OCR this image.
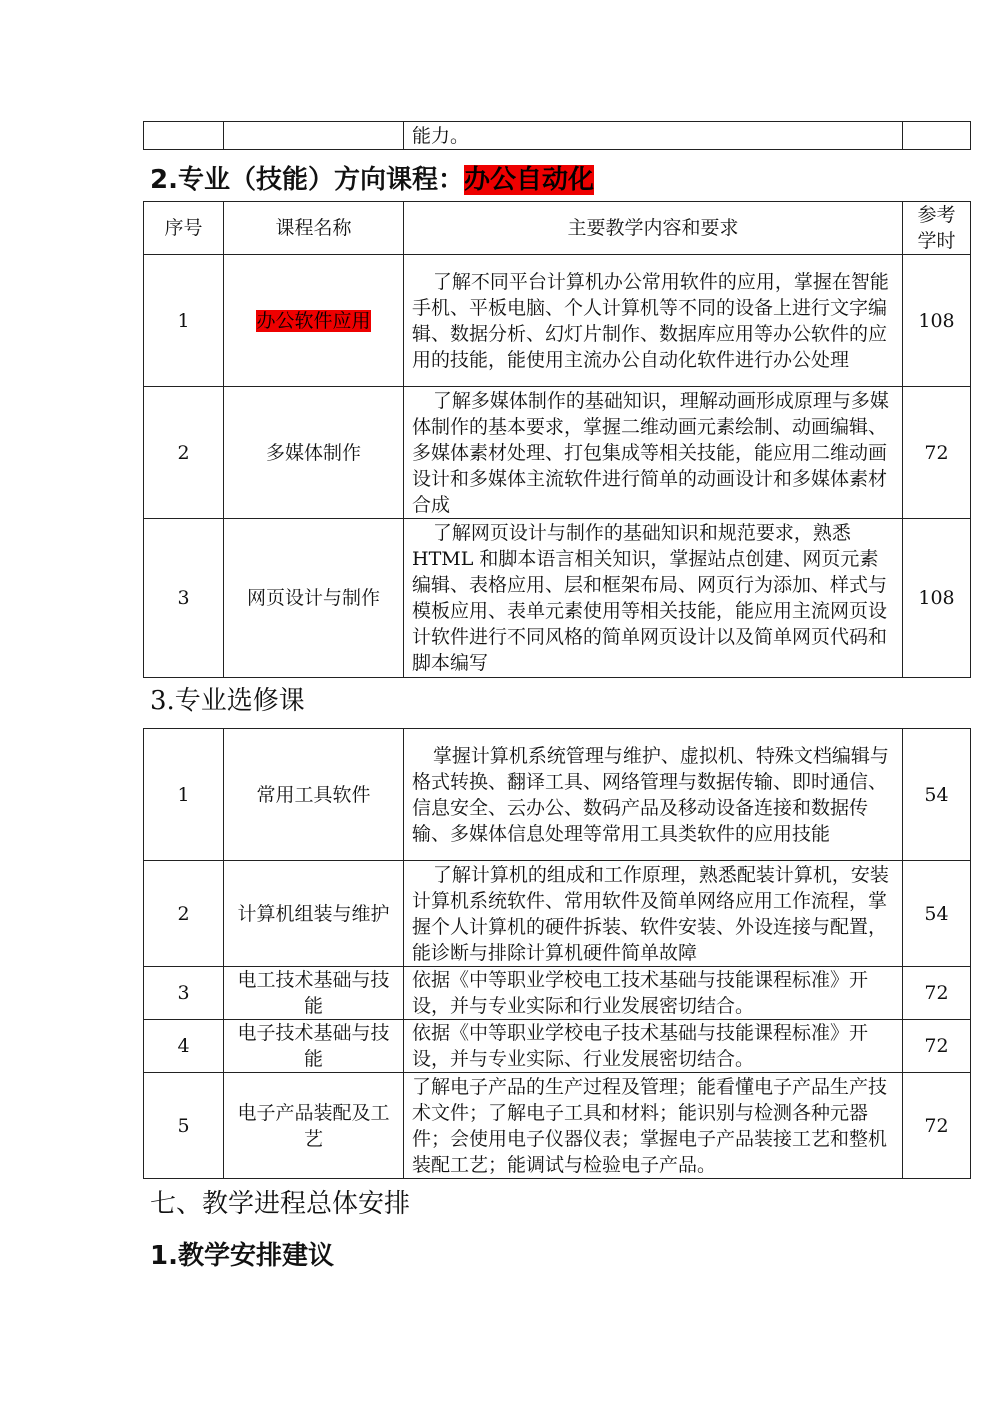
		能力。	
2.专业（技能）方向课程：办公自动化
序号	课程名称	主要教学内容和要求	参考学时
1	办公软件应用	了解不同平台计算机办公常用软件的应用，掌握在智能手机、平板电脑、个人计算机等不同的设备上进行文字编辑、数据分析、幻灯片制作、数据库应用等办公软件的应用的技能，能使用主流办公自动化软件进行办公处理	108
2	多媒体制作	了解多媒体制作的基础知识，理解动画形成原理与多媒体制作的基本要求，掌握二维动画元素绘制、动画编辑、多媒体素材处理、打包集成等相关技能，能应用二维动画设计和多媒体主流软件进行简单的动画设计和多媒体素材合成	72
3	网页设计与制作	了解网页设计与制作的基础知识和规范要求，熟悉HTML 和脚本语言相关知识，掌握站点创建、网页元素编辑、表格应用、层和框架布局、网页行为添加、样式与模板应用、表单元素使用等相关技能，能应用主流网页设计软件进行不同风格的简单网页设计以及简单网页代码和脚本编写	108
3.专业选修课
1	常用工具软件	掌握计算机系统管理与维护、虚拟机、特殊文档编辑与格式转换、翻译工具、网络管理与数据传输、即时通信、信息安全、云办公、数码产品及移动设备连接和数据传输、多媒体信息处理等常用工具类软件的应用技能	54
2	计算机组装与维护	了解计算机的组成和工作原理，熟悉配装计算机，安装计算机系统软件、常用软件及简单网络应用工作流程，掌握个人计算机的硬件拆装、软件安装、外设连接与配置，能诊断与排除计算机硬件简单故障	54
3	电工技术基础与技能	依据《中等职业学校电工技术基础与技能课程标准》开设，并与专业实际和行业发展密切结合。	72
4	电子技术基础与技能	依据《中等职业学校电子技术基础与技能课程标准》开设，并与专业实际、行业发展密切结合。	72
5	电子产品装配及工艺	了解电子产品的生产过程及管理；能看懂电子产品生产技术文件；了解电子工具和材料；能识别与检测各种元器件；会使用电子仪器仪表；掌握电子产品装接工艺和整机装配工艺；能调试与检验电子产品。	72
七、教学进程总体安排
1.教学安排建议
